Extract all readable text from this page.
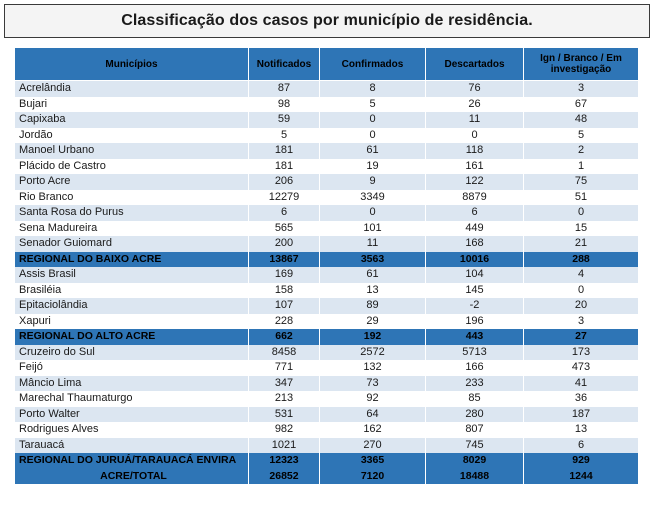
Classificação dos casos por município de residência.
Municípios	Notificados	Confirmados	Descartados	Ign / Branco / Em investigação
Acrelândia	87	8	76	3
Bujari	98	5	26	67
Capixaba	59	0	11	48
Jordão	5	0	0	5
Manoel Urbano	181	61	118	2
Plácido de Castro	181	19	161	1
Porto Acre	206	9	122	75
Rio Branco	12279	3349	8879	51
Santa Rosa do Purus	6	0	6	0
Sena Madureira	565	101	449	15
Senador Guiomard	200	11	168	21
REGIONAL DO BAIXO ACRE	13867	3563	10016	288
Assis Brasil	169	61	104	4
Brasiléia	158	13	145	0
Epitaciolândia	107	89	-2	20
Xapuri	228	29	196	3
REGIONAL DO ALTO ACRE	662	192	443	27
Cruzeiro do Sul	8458	2572	5713	173
Feijó	771	132	166	473
Mâncio Lima	347	73	233	41
Marechal Thaumaturgo	213	92	85	36
Porto Walter	531	64	280	187
Rodrigues Alves	982	162	807	13
Tarauacá	1021	270	745	6
REGIONAL DO JURUÁ/TARAUACÁ ENVIRA	12323	3365	8029	929
ACRE/TOTAL	26852	7120	18488	1244
